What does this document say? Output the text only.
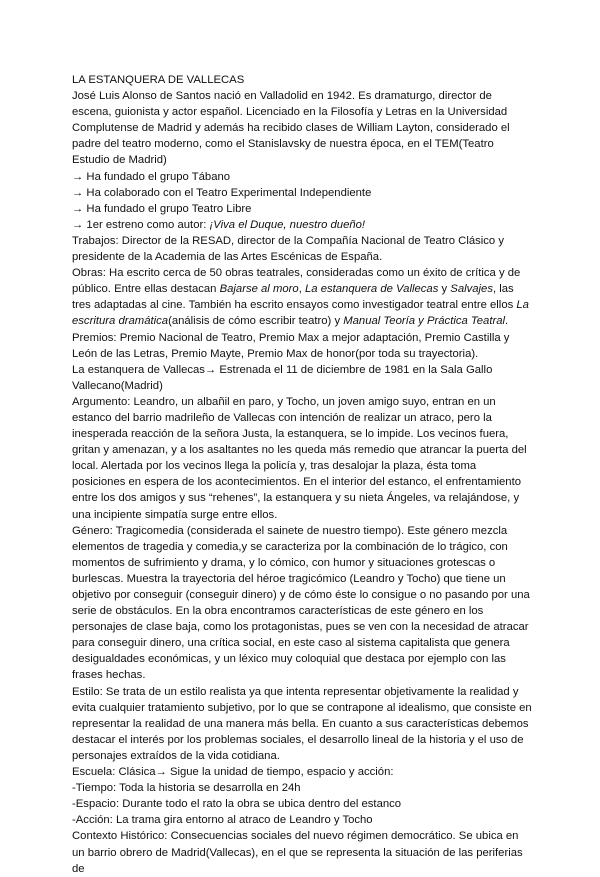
LA ESTANQUERA DE VALLECAS

José Luis Alonso de Santos nació en Valladolid en 1942. Es dramaturgo, director de escena, guionista y actor español. Licenciado en la Filosofía y Letras en la Universidad Complutense de Madrid y además ha recibido clases de William Layton, considerado el padre del teatro moderno, como el Stanislavsky de nuestra época, en el TEM(Teatro Estudio de Madrid)

→ Ha fundado el grupo Tábano

→ Ha colaborado con el Teatro Experimental Independiente

→ Ha fundado el grupo Teatro Libre

→ 1er estreno como autor: ¡Viva el Duque, nuestro dueño!

Trabajos: Director de la RESAD, director de la Compañía Nacional de Teatro Clásico y presidente de la Academia de las Artes Escénicas de España.

Obras: Ha escrito cerca de 50 obras teatrales, consideradas como un éxito de crítica y de público. Entre ellas destacan Bajarse al moro, La estanquera de Vallecas y Salvajes, las tres adaptadas al cine. También ha escrito ensayos como investigador teatral entre ellos La escritura dramática(análisis de cómo escribir teatro) y Manual Teoría y Práctica Teatral.

Premios: Premio Nacional de Teatro, Premio Max a mejor adaptación, Premio Castilla y León de las Letras, Premio Mayte, Premio Max de honor(por toda su trayectoria).

La estanquera de Vallecas→ Estrenada el 11 de diciembre de 1981 en la Sala Gallo Vallecano(Madrid)

Argumento: Leandro, un albañil en paro, y Tocho, un joven amigo suyo, entran en un estanco del barrio madrileño de Vallecas con intención de realizar un atraco, pero la inesperada reacción de la señora Justa, la estanquera, se lo impide. Los vecinos fuera, gritan y amenazan, y a los asaltantes no les queda más remedio que atrancar la puerta del local. Alertada por los vecinos llega la policía y, tras desalojar la plaza, ésta toma posiciones en espera de los acontecimientos. En el interior del estanco, el enfrentamiento entre los dos amigos y sus “rehenes”, la estanquera y su nieta Ángeles, va relajándose, y una incipiente simpatía surge entre ellos.

Género: Tragicomedia (considerada el sainete de nuestro tiempo). Este género mezcla elementos de tragedia y comedia,y se caracteriza por la combinación de lo trágico, con momentos de sufrimiento y drama, y lo cómico, con humor y situaciones grotescas o burlescas. Muestra la trayectoria del héroe tragicómico (Leandro y Tocho) que tiene un objetivo por conseguir (conseguir dinero) y de cómo éste lo consigue o no pasando por una serie de obstáculos. En la obra encontramos características de este género en los personajes de clase baja, como los protagonistas, pues se ven con la necesidad de atracar para conseguir dinero, una crítica social, en este caso al sistema capitalista que genera desigualdades económicas, y un léxico muy coloquial que destaca por ejemplo con las frases hechas.

Estilo: Se trata de un estilo realista ya que intenta representar objetivamente la realidad y evita cualquier tratamiento subjetivo, por lo que se contrapone al idealismo, que consiste en representar la realidad de una manera más bella. En cuanto a sus características debemos destacar el interés por los problemas sociales, el desarrollo lineal de la historia y el uso de personajes extraídos de la vida cotidiana.

Escuela: Clásica→ Sigue la unidad de tiempo, espacio y acción:

-Tiempo: Toda la historia se desarrolla en 24h

-Espacio: Durante todo el rato la obra se ubica dentro del estanco

-Acción: La trama gira entorno al atraco de Leandro y Tocho

Contexto Histórico: Consecuencias sociales del nuevo régimen democrático. Se ubica en un barrio obrero de Madrid(Vallecas), en el que se representa la situación de las periferias de
